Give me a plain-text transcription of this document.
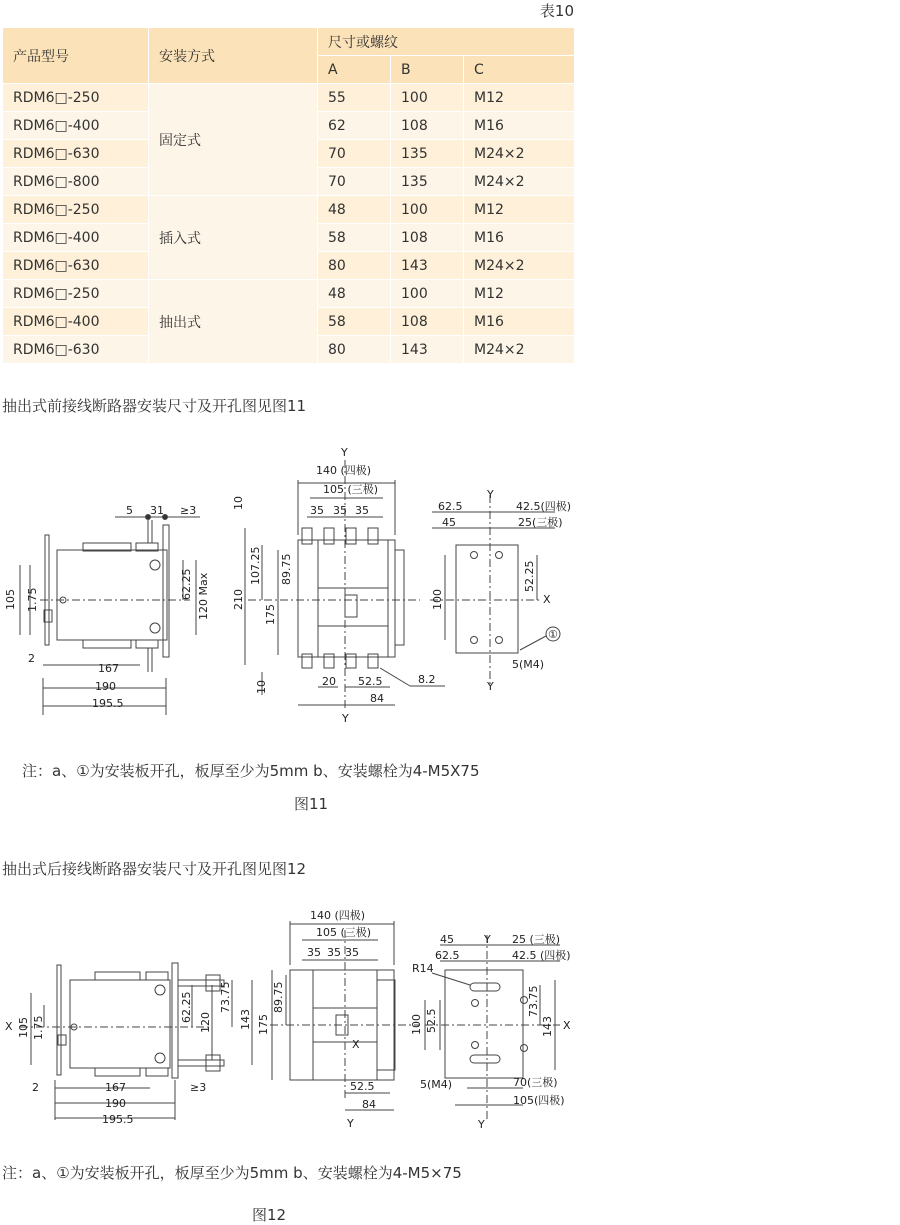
表10
产品型号	安装方式	尺寸或螺纹		
		A	B	C
RDM6□-250	固定式	55	100	M12
RDM6□-400		62	108	M16
RDM6□-630		70	135	M24×2
RDM6□-800		70	135	M24×2
RDM6□-250	插入式	48	100	M12
RDM6□-400		58	108	M16
RDM6□-630		80	143	M24×2
RDM6□-250	抽出式	48	100	M12
RDM6□-400		58	108	M16
RDM6□-630		80	143	M24×2
抽出式前接线断路器安装尺寸及开孔图见图11
5 31 ≥3
105 1.75	62.25 120 Max
2
167
190
195.5
Y
140 (四极)
105 (三极)
35 35 35
10
210
107.25 89.75
175
10	20 52.5	8.2
84
Y
Y
62.5
45
42.5(四极)
25(三极)
100
52.25
X
①
5(M4)
Y
注：a、①为安装板开孔，板厚至少为5mm b、安装螺栓为4-M5X75
图11
抽出式后接线断路器安装尺寸及开孔图见图12
X 105 1.75
62.25 120
73.75
143
2	167	≥3
190
195.5
140 (四极)
105 (三极)
35 35 35
89.75
175
X
52.5
84
Y
45	Y 25 (三极)
62.5	42.5 (四极)
R14
100 52.5
73.75
143 X
5(M4)	70(三极)
105(四极)
Y
注：a、①为安装板开孔，板厚至少为5mm b、安装螺栓为4-M5×75
图12
